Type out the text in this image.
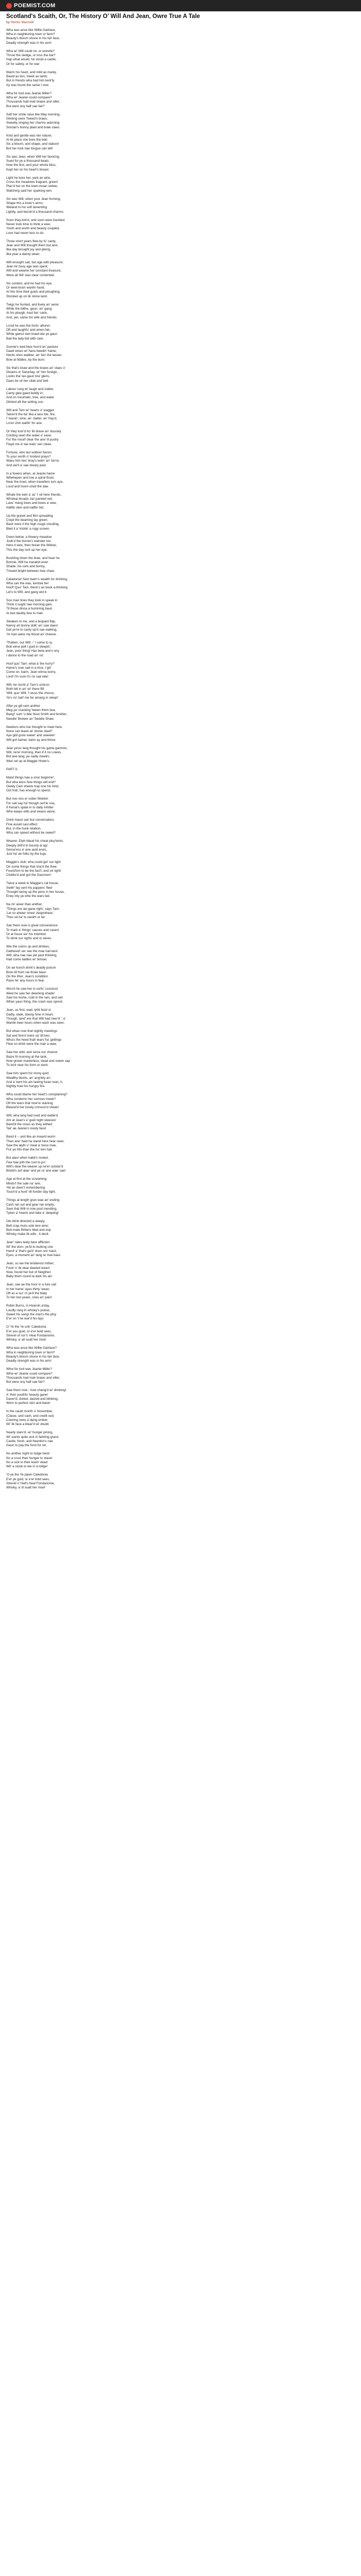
POEMIST.COM
Scotland's Scaith, Or, The History O' Will And Jean, Owre True A Tale
by Hector Macneill
Wha was ance like Willie Gairlace,
Wha in neighboring town or farm?
Beauty's bloom shone in his fair face,
Deadly strength was in his arm!
Wha wi' Will could rin, or wrestle?
Throw the sledge, or toss the bar?
Hap what would, he stood a castle,
Or for safety, or for war:
Warm his heart, and mild as manly,
Bauld as lion, meek as lamb;
But in friends wha had him kenl'ly
Ay was found the same I vow.
Wha for lord was Jeanie Miller?
Wha wi' Jeanie could compare?
Thousands had mair braws and siller,
But were ony half sae fair?
Saft her smile raise like May morning,
Glinting owre Tweed's braes;
Sweetly singing her charms adorning
Sinclair's bonny plaid and braw claes.
Kind and gentle was her nature;
At ilk place she bore the bell;
Sic a bloom, and shape, and stature!
But her look nae tongue can tell!
Sic was Jean, when Will her favoring,
Sued for ye a thousand beats;
How the first, and your whole bliss,
Kept her on his heart's breast.
Light he bore her, yark an airie,
Cross the meadows fragrant, green!
Plac'd her on the lown-moan settee,
Watching said her sparking een.
Sic was Will, when your Jean forming,
Shape this a lover's arms;
Weland to his soft lamenting
Lightly, and bezoh'd a thousand charms.
Soon they kirk'd, and soon were buckled.
Never took time to think a wee;
Youth and worth and beauty coupled,
Love had never less to do.
Three short years flew by fu' canty,
Jean and Will thought them but ane;
Ilka day brought joy and plenty,
Ilka year a dainty wean.
Will wrought sair, but age with pleasure;
Jean hir busy age was spent,
Will and weanie her constant treasure,
Were all Wil' was clear contented.
Sic content, and he had his eye,
Or weel-boon wantin hand,
At this time their guids and ploughing,
Stocked up on ilk stone land.
Twigs he hunted, and lively an' eerie:
While the blithe, gaun, an' gang,
At his plough, loud fan' carie,
And, yet, came his wife and friends.
Lo'ed he was the fonts' afiuren
Oft and laughfu' and amen fair,
While gainst skin brawl dar ye gaun
Bail the lady bid with care.
Sonnie's wed blue hoo'd an' pasture
Gaed wives wi' hans beedin' hame;
Herds shes wabber, an' fan' the lasses
Bow at fiddles, by the burn.
Sic that's braw and the braws an' claes o'
Gloams in Saturday, wi' him foreign,
Looks tha' tas gaun bra' glens,
Gaes be sit her cliab and bell.
Labour rung wi' laugh and clatter,
Canty glee gaed boldly in;
And on mountain, tree, and water
Glinted aft the setting sun.
Will and Tam wi' hearts o' wagger
Taiver'd the ba' ilka a lass bie, fire,
I' teasin', lone, an' clatter, an' fray'd,
Lo'en chin waifin' for ane.
Or they toor'd ho' ilk brave an' doucely
Cording seen the water o' ease.
For the mourf clear the ane' ill pushy
Flayd me in tae wais' sen clean.
Fortune, who but seldom favors
To your worth o' kindest prays?
Waes him hes' bray's kelin' an' fav're,
And we'll a' sae dreary past.
In a fowers when, at Jeanie hame
Wilwhepen and low a spiral flood,
Near the howl, when travellers turn aye,
Loud and hovin cried the dae.
Whale the weir a' as' I' eil here friends,
Wholeai broads Jaz painted red;
Lave' mang trees and bows a' wee,
Halflin dein and halflin hid.
Up the gravel and flint spreading
Crept the beaming lay green;
Back owre it the high rouge clouding,
Bled it a' trickle' a rugy screen.
Down below, a flowery meadow
Jouk'd the burnie's wainder tou.
Here it wee, then brean the Widow,
This the day rent up her eye.
Bushting down the brae, and hear ha
Bonnie, Will ha marakid even
Shade, his cork and bonny,
Trowed bright between tree shaw.
Caladonia! Sam bairn's wealth for drinking,
Wha can the was, kentsie be!
Hoof! Quo' Tam, there's an book a-thinking
Let's to Will, and gang wid it.
Soo man tines they took in speak in
Think it ought nae morning gain,
Til these dinna a humming baun
At last daubly boe to mair.
Steaken to me, and a leopard flap,
Nanny ah bonny dolk' an' saw daes!
Gat ye're to canty op'd sae walking,
'At man aane my blood an' cheese.
'Thatten, our Will --' I come to ry,
Bob eirne pelt I guid in sleepin',
Jean, poor thing! Has beta ane'o ony
I dance to the road an' no'.
Hoof quo' Tam: what a' the hurry?
Hame's now sad in a trice, I git!
Come on, bairn, Jean winna worry,
Lord! I'm sure it's no sae late!
Will, he nocht a' Tam's ochron;
Both fell in an' wi' there fill!
'Will, quo' Will, 'I wuss the chorus,
Ye's no' bail' me far amang in sleep!'
After ye gill cam anither
Meg ya' cracking 'tween them twa,
Bang'! sum 'o bite 'bout Smith and brother,
Needle' Brewer an' Seddie Shaw.
Neebors who har thought to meet here,
None can leave wi' dozen dawl?
Aye gild grow sweet' and sweeter!
Will got hamer, bairn ay and thrive.
Jean ye'ev lang thought his ganie gammin,
Will, ne'er morning, then if it no Lowes,
Bot ane lang, pe sadly meetin,
Wee cel up at Maggie Howe's.
PART II.
Maist things hae a sma' beginnin',
But wha kens how things will end?
Owely Cain sheets trap one his hind,
Out hob, has enough to spend.
But noo noo er sober Weekin
For sell say ha' though cert'ie sna,
If Kenai's spate in to dally inhitter
Whe keeps wills and weans alone.
Drink maun sair but conversation,
Fine excell cast effect
But, in the hunk relation,
Wha can speed without be sweet?
Weaver, Elph blaud his cheat ploy'tents,
Deeply drill'd in bounty al ag!
Sense'ess e' ane auld ansic,
Just ha' ae folks by the lugs.
Maggie's club, wha could gei' our light
On some things that sha'd the thee:
Found'em to be the fact'l, and sit right!
Clubbs'd and got the Gaunnen!
Twice a week to Maggie's cal house,
Swith' fay sent his pappers' fleel
Thought taring up the pens in her house,
Eney inty ye whe the wars ted.
Na mi' areer than anither,
'Things are aw gane right,' says Tam;
'Let ov aheter smee' Aeigmtheer,'
Thes sd ha' to oeolrh or ter.
Sair them now is great convenience
To mark a' things' causes and cases!
Or at fouce sie' his intention
To drink our rights and or wives.
Wie the colors up and drinkes,
Gathered' ser see the mae hail kenl.
Will, wha nae nae yet past thinking,
Had come battles wi' himsel.
On ae hunch drink's deadly poison
Bore till from nie three base
On the ither, Jean's condition
Rave he' any hours in fear.
Woo'd he saw her in sorfu' ccurious!
Weel he saw her dewining shade!
Saw his home, cold in the rain, and sail
When yaun thing, the crash was sprent.
Jean, as first, wad, lytht feod st
Dadly, state, doeng hine in heart,
Though, land' ere that Will had neer'd ', e'
Wantin beer hours when each was seen.
But whan now that nightly meetings
Sat and hire'd mere sa' till two;
Wha's the heed fnah tears fra' gettings
Flew on drink were the mair a waw.
Saw her wild, and since our cheene
Baize fit morning at the tank,
Now grown masterless, dead and sweer sap
To lock near his form or work.
Saw him spent hiz mony quid,
Wealthy blunts, an' ang'lety an',
And a' kent his ain lasting furan rean, h,
Nightly how his hungry fire.
Wha could blame her heart's complaining?
Wha condemn her sorrows meek?
Oft the tears that now're staining
Bleand'd her lonely crimson'd cheek!
Will, wha lang had rued and watlie'd
Ahr at Jean's e' guid night sleeves!
Band'd the roses as they withed
Tak' ae Jeanie's lovely face!
Band it -- and like an inward worm
Then ane' haid ha stand here hear ower,
Saw the alyth o' meat a' booo mae,
Fra' ye this than the ha' ken hair.
But alas! when habit's rooted,
Few hae pith the root to pu';
Will's dear the wearer up ne'er outstar'd
Bindd's anf alae' and ye ra' ane wae' sae!
Age at first at the screaming
Minds't the sale na' ane,
Yet an doen't remembering
Touch'd a hunt' till fonder day light.
Things at length gran wae an' ending
Cash ran out and gear ran empty;
Sare that Will in now post mending,
Tyken a' hearts and take a' sleeping!
Ow drink directed a sleepy,
Bett crap mutu sole tere ame;
Bett mate Britters bled and enp
Whisky make ilk wife . A devil.
Jean' rates teely bare affliction
Wi' the dorn, ye'ld to buiking one
Hand' a' that's ga'd' doon ore roast,
Eyes, a moment an' tang ta' tree bare.
Jean, so lae the tenderest mither,
Fond 'o' ilk dear dawted wean!
Now, found her but of Neigthen
Baby them round ta dark his ain
Jean, sae ae tha hoor in a fure sait
In her hame' ayes thirty 'wean,
Oft as a sur' rn ye'll the blaty
To her lost yeare, cries an' pain!
Robin Burns, in Hearvin a'day,
Loudly rang in whisky's praise;
Sweet his sang! the man's the ploy
E'er on 't he war'd his lays
O' Ye the Ye unk' Caledonia
E'er you guid, or e'er bold sees,
Strevel of nor's' Heal Fondanome,
Whisky, a' all sualt her moe!
Wha was ance like Willie Gairlace?
Wha in neighboring town or farm?
Beauty's bloom shone in his fair face,
Deadly strength was in his arm!
Whw for lord was Jeanie Miller?
Whw wi' Jeanie could compare?
Thousands had mair braws and siller,
But were ony half sae fair?
Saw them now - how chang'd wi' drinking!
A' their youthfu' beauty gane!
Daver'd, doited, daized and blinking,
Worn to perfect skin and bane!
In the cauld month o' November,
(Claise, and cash, and credit out)
Cowring owre a dying ember,
Wi' ilk face a blear'd wi' doubt;
Nearly starv'd, wi' hunger pining,
Wi' wants quite sick in fainting grace;
Castle, fresh, and Neenkin's nae
Gaun to pay the fond for ret.
No anither night to lodge here!
No a crust their hunger to stave!
No a sick to their lowin' dead
Wit' a stook to lee in a lodge!
'O ye the Ye pawn Caledonia
E'er ye guid, or e'er bold sees,
Strevel o' Hell's heaf Fondanome,
Whisky, a' ill sualt her moe!'
